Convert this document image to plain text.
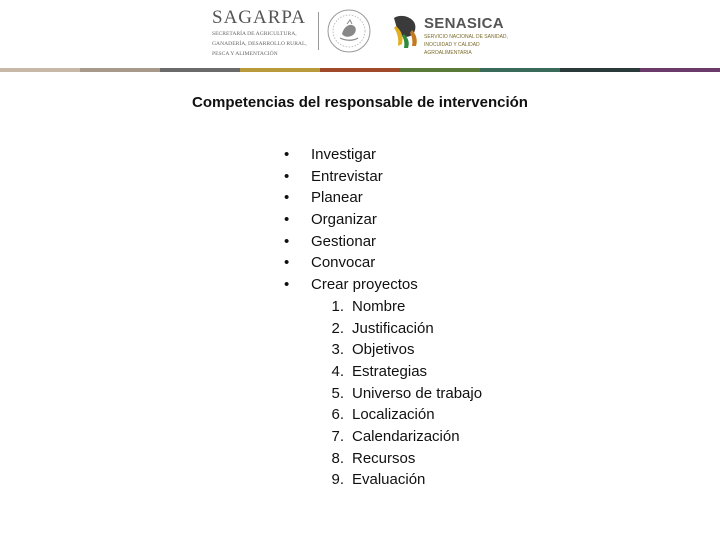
SAGARPA
SECRETARÍA DE AGRICULTURA,
GANADERÍA, DESARROLLO RURAL,
PESCA Y ALIMENTACIÓN
SENASICA
SERVICIO NACIONAL DE SANIDAD,
INOCUIDAD Y CALIDAD
AGROALIMENTARIA
Competencias del responsable de intervención
•	Investigar
•	Entrevistar
•	Planear
•	Organizar
•	Gestionar
•	Convocar
•	Crear proyectos
1. Nombre
2. Justificación
3. Objetivos
4. Estrategias
5. Universo de trabajo
6. Localización
7. Calendarización
8. Recursos
9. Evaluación
